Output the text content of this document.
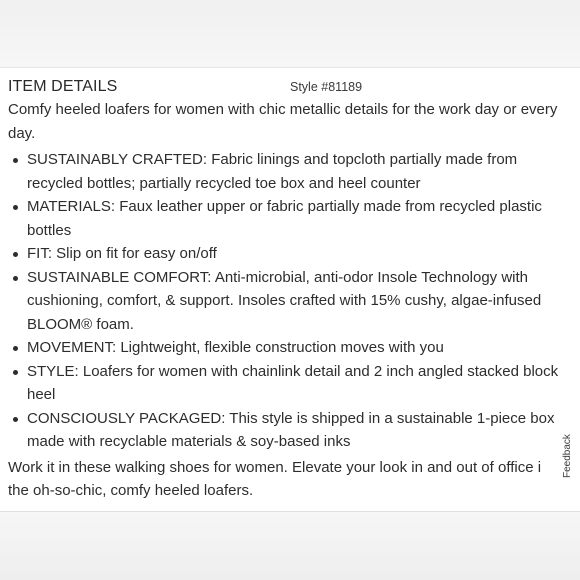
ITEM DETAILS	Style #81189

Comfy heeled loafers for women with chic metallic details for the work day or every day.

SUSTAINABLY CRAFTED: Fabric linings and topcloth partially made from recycled bottles; partially recycled toe box and heel counter
MATERIALS: Faux leather upper or fabric partially made from recycled plastic bottles
FIT: Slip on fit for easy on/off
SUSTAINABLE COMFORT: Anti-microbial, anti-odor Insole Technology with cushioning, comfort, & support. Insoles crafted with 15% cushy, algae-infused BLOOM® foam.
MOVEMENT: Lightweight, flexible construction moves with you
STYLE: Loafers for women with chainlink detail and 2 inch angled stacked block heel
CONSCIOUSLY PACKAGED: This style is shipped in a sustainable 1-piece box made with recyclable materials & soy-based inks

Work it in these walking shoes for women. Elevate your look in and out of office i the oh-so-chic, comfy heeled loafers.

Feedback
